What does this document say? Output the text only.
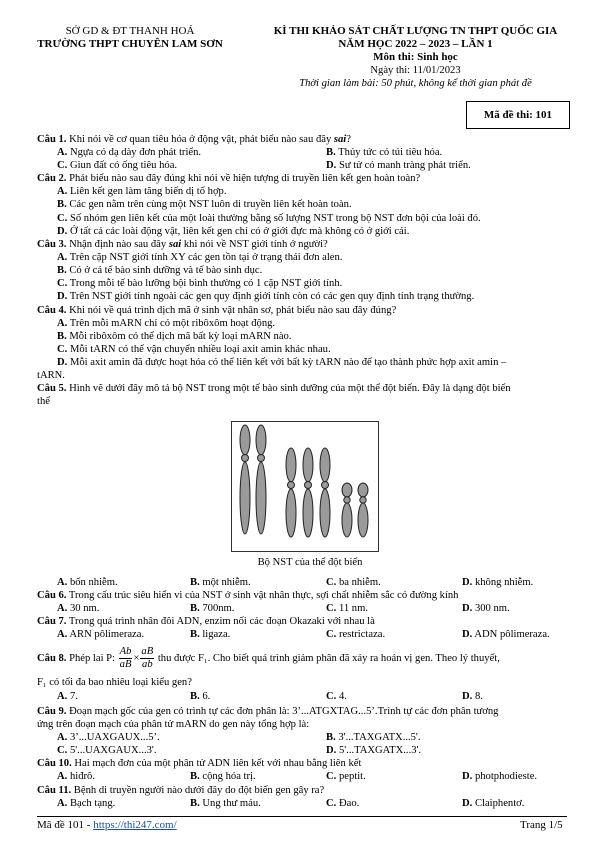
SỞ GD & ĐT THANH HOÁ
TRƯỜNG THPT CHUYÊN LAM SƠN
KÌ THI KHẢO SÁT CHẤT LƯỢNG TN THPT QUỐC GIA
NĂM HỌC 2022 – 2023 – LẦN 1
Môn thi: Sinh học
Ngày thi: 11/01/2023
Thời gian làm bài: 50 phút, không kể thời gian phát đề
Mã đề thi: 101
Câu 1. Khi nói về cơ quan tiêu hóa ở động vật, phát biểu nào sau đây sai?
A. Ngựa có dạ dày đơn phát triển.	B. Thủy tức có túi tiêu hóa.
C. Giun đất có ống tiêu hóa.	D. Sư tử có manh tràng phát triển.
Câu 2. Phát biểu nào sau đây đúng khi nói về hiện tượng di truyền liên kết gen hoàn toàn?
A. Liên kết gen làm tăng biến dị tổ hợp.
B. Các gen nằm trên cùng một NST luôn di truyền liên kết hoàn toàn.
C. Số nhóm gen liên kết của một loài thường bằng số lượng NST trong bộ NST đơn bội của loài đó.
D. Ở tất cả các loài động vật, liên kết gen chỉ có ở giới đực mà không có ở giới cái.
Câu 3. Nhận định nào sau đây sai khi nói về NST giới tính ở người?
A. Trên cặp NST giới tính XY các gen tồn tại ở trạng thái đơn alen.
B. Có ở cả tế bào sinh dưỡng và tế bào sinh dục.
C. Trong mỗi tế bào lưỡng bội bình thường có 1 cặp NST giới tính.
D. Trên NST giới tính ngoài các gen quy định giới tính còn có các gen quy định tính trạng thường.
Câu 4. Khi nói về quá trình dịch mã ở sinh vật nhân sơ, phát biểu nào sau đây đúng?
A. Trên mỗi mARN chỉ có một ribôxôm hoạt động.
B. Mỗi ribôxôm có thể dịch mã bất kỳ loại mARN nào.
C. Mỗi tARN có thể vận chuyển nhiều loại axit amin khác nhau.
D. Mỗi axit amin đã được hoạt hóa có thể liên kết với bất kỳ tARN nào để tạo thành phức hợp axit amin –
tARN.
Câu 5. Hình vẽ dưới đây mô tả bộ NST trong một tế bào sinh dưỡng của một thể đột biến. Đây là dạng đột biến
thể
Bộ NST của thể đột biến
A. bốn nhiễm.	B. một nhiễm.	C. ba nhiễm.	D. không nhiễm.
Câu 6. Trong cấu trúc siêu hiển vi của NST ở sinh vật nhân thực, sợi chất nhiễm sắc có đường kính
A. 30 nm.	B. 700nm.	C. 11 nm.	D. 300 nm.
Câu 7. Trong quá trình nhân đôi ADN, enzim nối các đoạn Okazaki với nhau là
A. ARN pôlimeraza.	B. ligaza.	C. restrictaza.	D. ADN pôlimeraza.
Câu 8. Phép lai P: $\frac{Ab}{aB} \times \frac{aB}{ab}$ thu được F₁. Cho biết quá trình giảm phân đã xảy ra hoán vị gen. Theo lý thuyết,
F₁ có tối đa bao nhiêu loại kiểu gen?
A. 7.	B. 6.	C. 4.	D. 8.
Câu 9. Đoạn mạch gốc của gen có trình tự các đơn phân là: 3’...ATGXTAG...5’.Trình tự các đơn phân tương
ứng trên đoạn mạch của phân tử mARN do gen này tổng hợp là:
A. 3’...UAXGAUX...5’.	B. 3'...TAXGATX...5'.
C. 5'...UAXGAUX...3'.	D. 5'...TAXGATX...3'.
Câu 10. Hai mạch đơn của một phân tử ADN liên kết với nhau bằng liên kết
A. hiđrô.	B. cộng hóa trị.	C. peptit.	D. photphodieste.
Câu 11. Bệnh di truyền người nào dưới đây do đột biến gen gây ra?
A. Bạch tạng.	B. Ung thư máu.	C. Đao.	D. Claiphentơ.
Mã đề 101 - https://thi247.com/	Trang 1/5
